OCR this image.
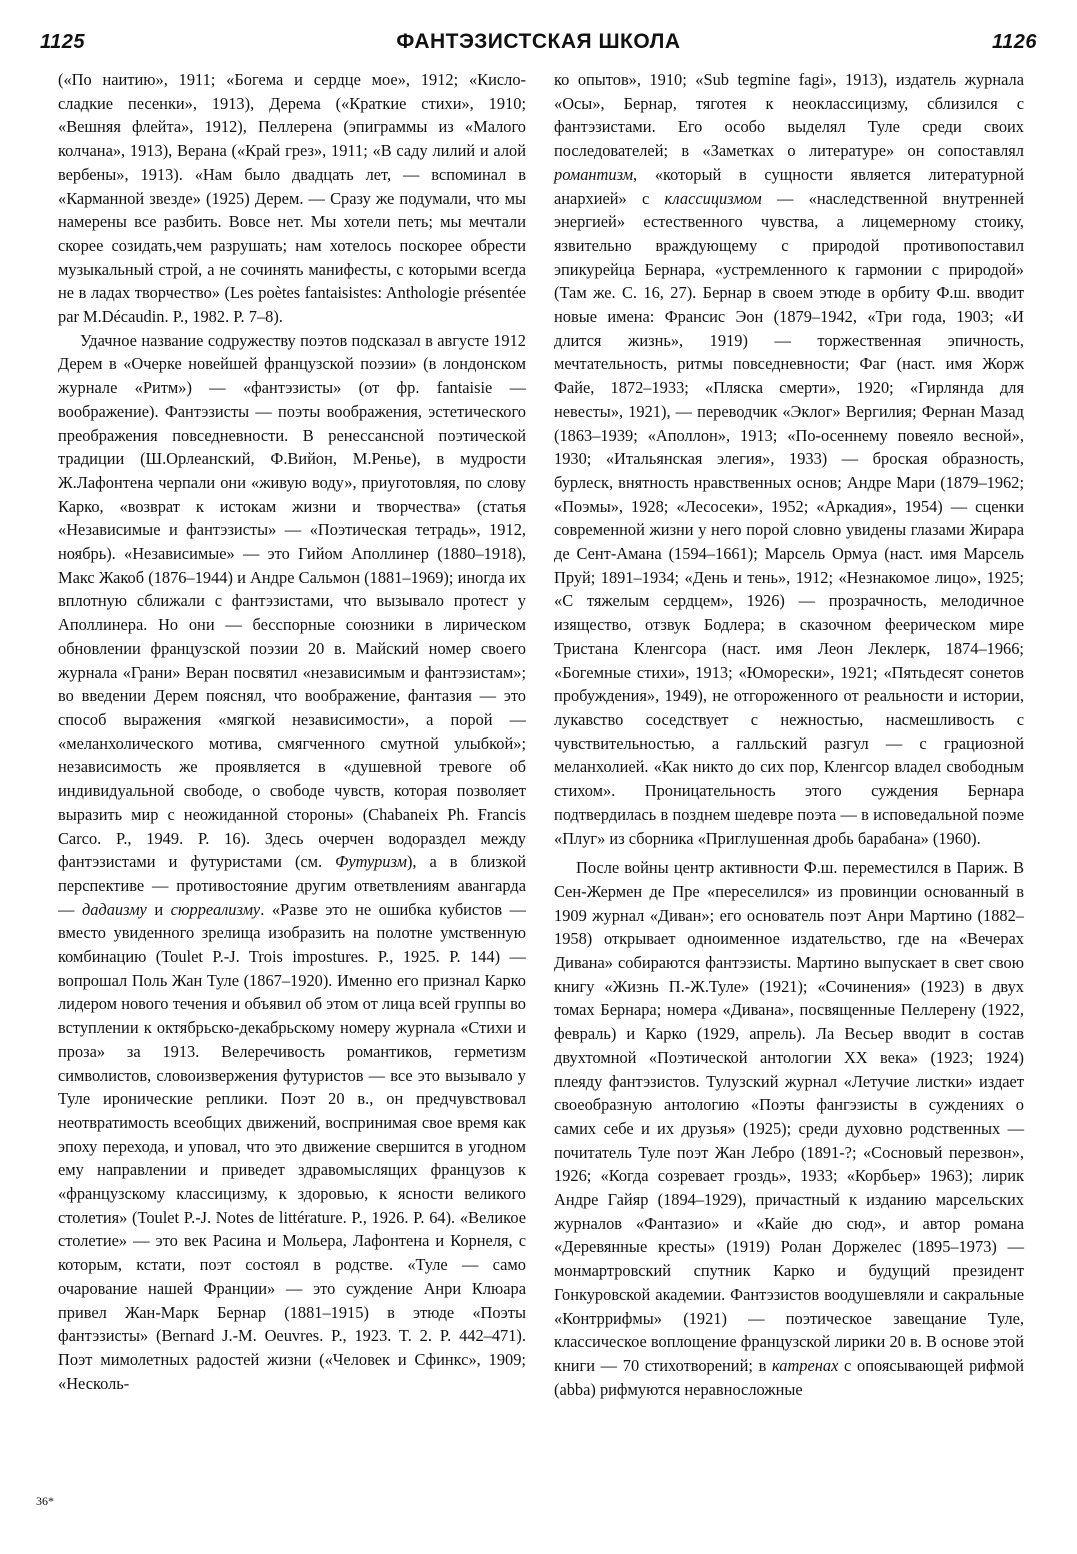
1125	ФАНТЭЗИСТСКАЯ ШКОЛА	1126

(«По наитию», 1911; «Богема и сердце мое», 1912; «Кисло-сладкие песенки», 1913), Дерема («Краткие стихи», 1910; «Вешняя флейта», 1912), Пеллерена (эпиграммы из «Малого колчана», 1913), Верана («Край грез», 1911; «В саду лилий и алой вербены», 1913). «Нам было двадцать лет, — вспоминал в «Карманной звезде» (1925) Дерем. — Сразу же подумали, что мы намерены все разбить. Вовсе нет. Мы хотели петь; мы мечтали скорее созидать,чем разрушать; нам хотелось поскорее обрести музыкальный строй, а не сочинять манифесты, с которыми всегда не в ладах творчество» (Les poètes fantaisistes: Anthologie présentée par M.Décaudin. P., 1982. P. 7–8).

Удачное название содружеству поэтов подсказал в августе 1912 Дерем в «Очерке новейшей французской поэзии» (в лондонском журнале «Ритм») — «фантэзисты» (от фр. fantaisie — воображение). Фантэзисты — поэты воображения, эстетического преображения повседневности. В ренессансной поэтической традиции (Ш.Орлеанский, Ф.Вийон, М.Ренье), в мудрости Ж.Лафонтена черпали они «живую воду», приуготовляя, по слову Карко, «возврат к истокам жизни и творчества» (статья «Независимые и фантэзисты» — «Поэтическая тетрадь», 1912, ноябрь). «Независимые» — это Гийом Аполлинер (1880–1918), Макс Жакоб (1876–1944) и Андре Сальмон (1881–1969); иногда их вплотную сближали с фантэзистами, что вызывало протест у Аполлинера. Но они — бесспорные союзники в лирическом обновлении французской поэзии 20 в. Майский номер своего журнала «Грани» Веран посвятил «независимым и фантэзистам»; во введении Дерем пояснял, что воображение, фантазия — это способ выражения «мягкой независимости», а порой — «меланхолического мотива, смягченного смутной улыбкой»; независимость же проявляется в «душевной тревоге об индивидуальной свободе, о свободе чувств, которая позволяет выразить мир с неожиданной стороны» (Chabaneix Ph. Francis Carco. P., 1949. P. 16). Здесь очерчен водораздел между фантэзистами и футуристами (см. Футуризм), а в близкой перспективе — противостояние другим ответвлениям авангарда — дадаизму и сюрреализму. «Разве это не ошибка кубистов — вместо увиденного зрелища изобразить на полотне умственную комбинацию (Toulet P.-J. Trois impostures. P., 1925. P. 144) — вопрошал Поль Жан Туле (1867–1920). Именно его признал Карко лидером нового течения и объявил об этом от лица всей группы во вступлении к октябрьско-декабрьскому номеру журнала «Стихи и проза» за 1913. Велеречивость романтиков, герметизм символистов, словоизвержения футуристов — все это вызывало у Туле иронические реплики. Поэт 20 в., он предчувствовал неотвратимость всеобщих движений, воспринимая свое время как эпоху перехода, и уповал, что это движение свершится в угодном ему направлении и приведет здравомыслящих французов к «французскому классицизму, к здоровью, к ясности великого столетия» (Toulet P.-J. Notes de littérature. P., 1926. P. 64). «Великое столетие» — это век Расина и Мольера, Лафонтена и Корнеля, с которым, кстати, поэт состоял в родстве. «Туле — само очарование нашей Франции» — это суждение Анри Клюара привел Жан-Марк Бернар (1881–1915) в этюде «Поэты фантэзисты» (Bernard J.-M. Oeuvres. P., 1923. T. 2. P. 442–471). Поэт мимолетных радостей жизни («Человек и Сфинкс», 1909; «Несколь-

ко опытов», 1910; «Sub tegmine fagi», 1913), издатель журнала «Осы», Бернар, тяготея к неоклассицизму, сблизился с фантэзистами. Его особо выделял Туле среди своих последователей; в «Заметках о литературе» он сопоставлял романтизм, «который в сущности является литературной анархией» с классицизмом — «наследственной внутренней энергией» естественного чувства, а лицемерному стоику, язвительно враждующему с природой противопоставил эпикурейца Бернара, «устремленного к гармонии с природой» (Там же. С. 16, 27). Бернар в своем этюде в орбиту Ф.ш. вводит новые имена: Франсис Эон (1879–1942, «Три года, 1903; «И длится жизнь», 1919) — торжественная эпичность, мечтательность, ритмы повседневности; Фаг (наст. имя Жорж Файе, 1872–1933; «Пляска смерти», 1920; «Гирлянда для невесты», 1921), — переводчик «Эклог» Вергилия; Фернан Мазад (1863–1939; «Аполлон», 1913; «По-осеннему повеяло весной», 1930; «Итальянская элегия», 1933) — броская образность, бурлеск, внятность нравственных основ; Андре Мари (1879–1962; «Поэмы», 1928; «Лесосеки», 1952; «Аркадия», 1954) — сценки современной жизни у него порой словно увидены глазами Жирара де Сент-Амана (1594–1661); Марсель Ормуа (наст. имя Марсель Пруй; 1891–1934; «День и тень», 1912; «Незнакомое лицо», 1925; «С тяжелым сердцем», 1926) — прозрачность, мелодичное изящество, отзвук Бодлера; в сказочном феерическом мире Тристана Кленгсора (наст. имя Леон Леклерк, 1874–1966; «Богемные стихи», 1913; «Юморески», 1921; «Пятьдесят сонетов пробуждения», 1949), не отгороженного от реальности и истории, лукавство соседствует с нежностью, насмешливость с чувствительностью, а галльский разгул — с грациозной меланхолией. «Как никто до сих пор, Кленгсор владел свободным стихом». Проницательность этого суждения Бернара подтвердилась в позднем шедевре поэта — в исповедальной поэме «Плуг» из сборника «Приглушенная дробь барабана» (1960).

После войны центр активности Ф.ш. переместился в Париж. В Сен-Жермен де Пре «переселился» из провинции основанный в 1909 журнал «Диван»; его основатель поэт Анри Мартино (1882–1958) открывает одноименное издательство, где на «Вечерах Дивана» собираются фантэзисты. Мартино выпускает в свет свою книгу «Жизнь П.-Ж.Туле» (1921); «Сочинения» (1923) в двух томах Бернара; номера «Дивана», посвященные Пеллерену (1922, февраль) и Карко (1929, апрель). Ла Весьер вводит в состав двухтомной «Поэтической антологии XX века» (1923; 1924) плеяду фантэзистов. Тулузский журнал «Летучие листки» издает своеобразную антологию «Поэты фангэзисты в суждениях о самих себе и их друзья» (1925); среди духовно родственных — почитатель Туле поэт Жан Лебро (1891-?; «Сосновый перезвон», 1926; «Когда созревает гроздь», 1933; «Корбьер» 1963); лирик Андре Гайяр (1894–1929), причастный к изданию марсельских журналов «Фантазио» и «Кайе дю сюд», и автор романа «Деревянные кресты» (1919) Ролан Доржелес (1895–1973) — монмартровский спутник Карко и будущий президент Гонкуровской академии. Фантэзистов воодушевляли и сакральные «Контррифмы» (1921) — поэтическое завещание Туле, классическое воплощение французской лирики 20 в. В основе этой книги — 70 стихотворений; в катренах с опоясывающей рифмой (abba) рифмуются неравносложные

36*
